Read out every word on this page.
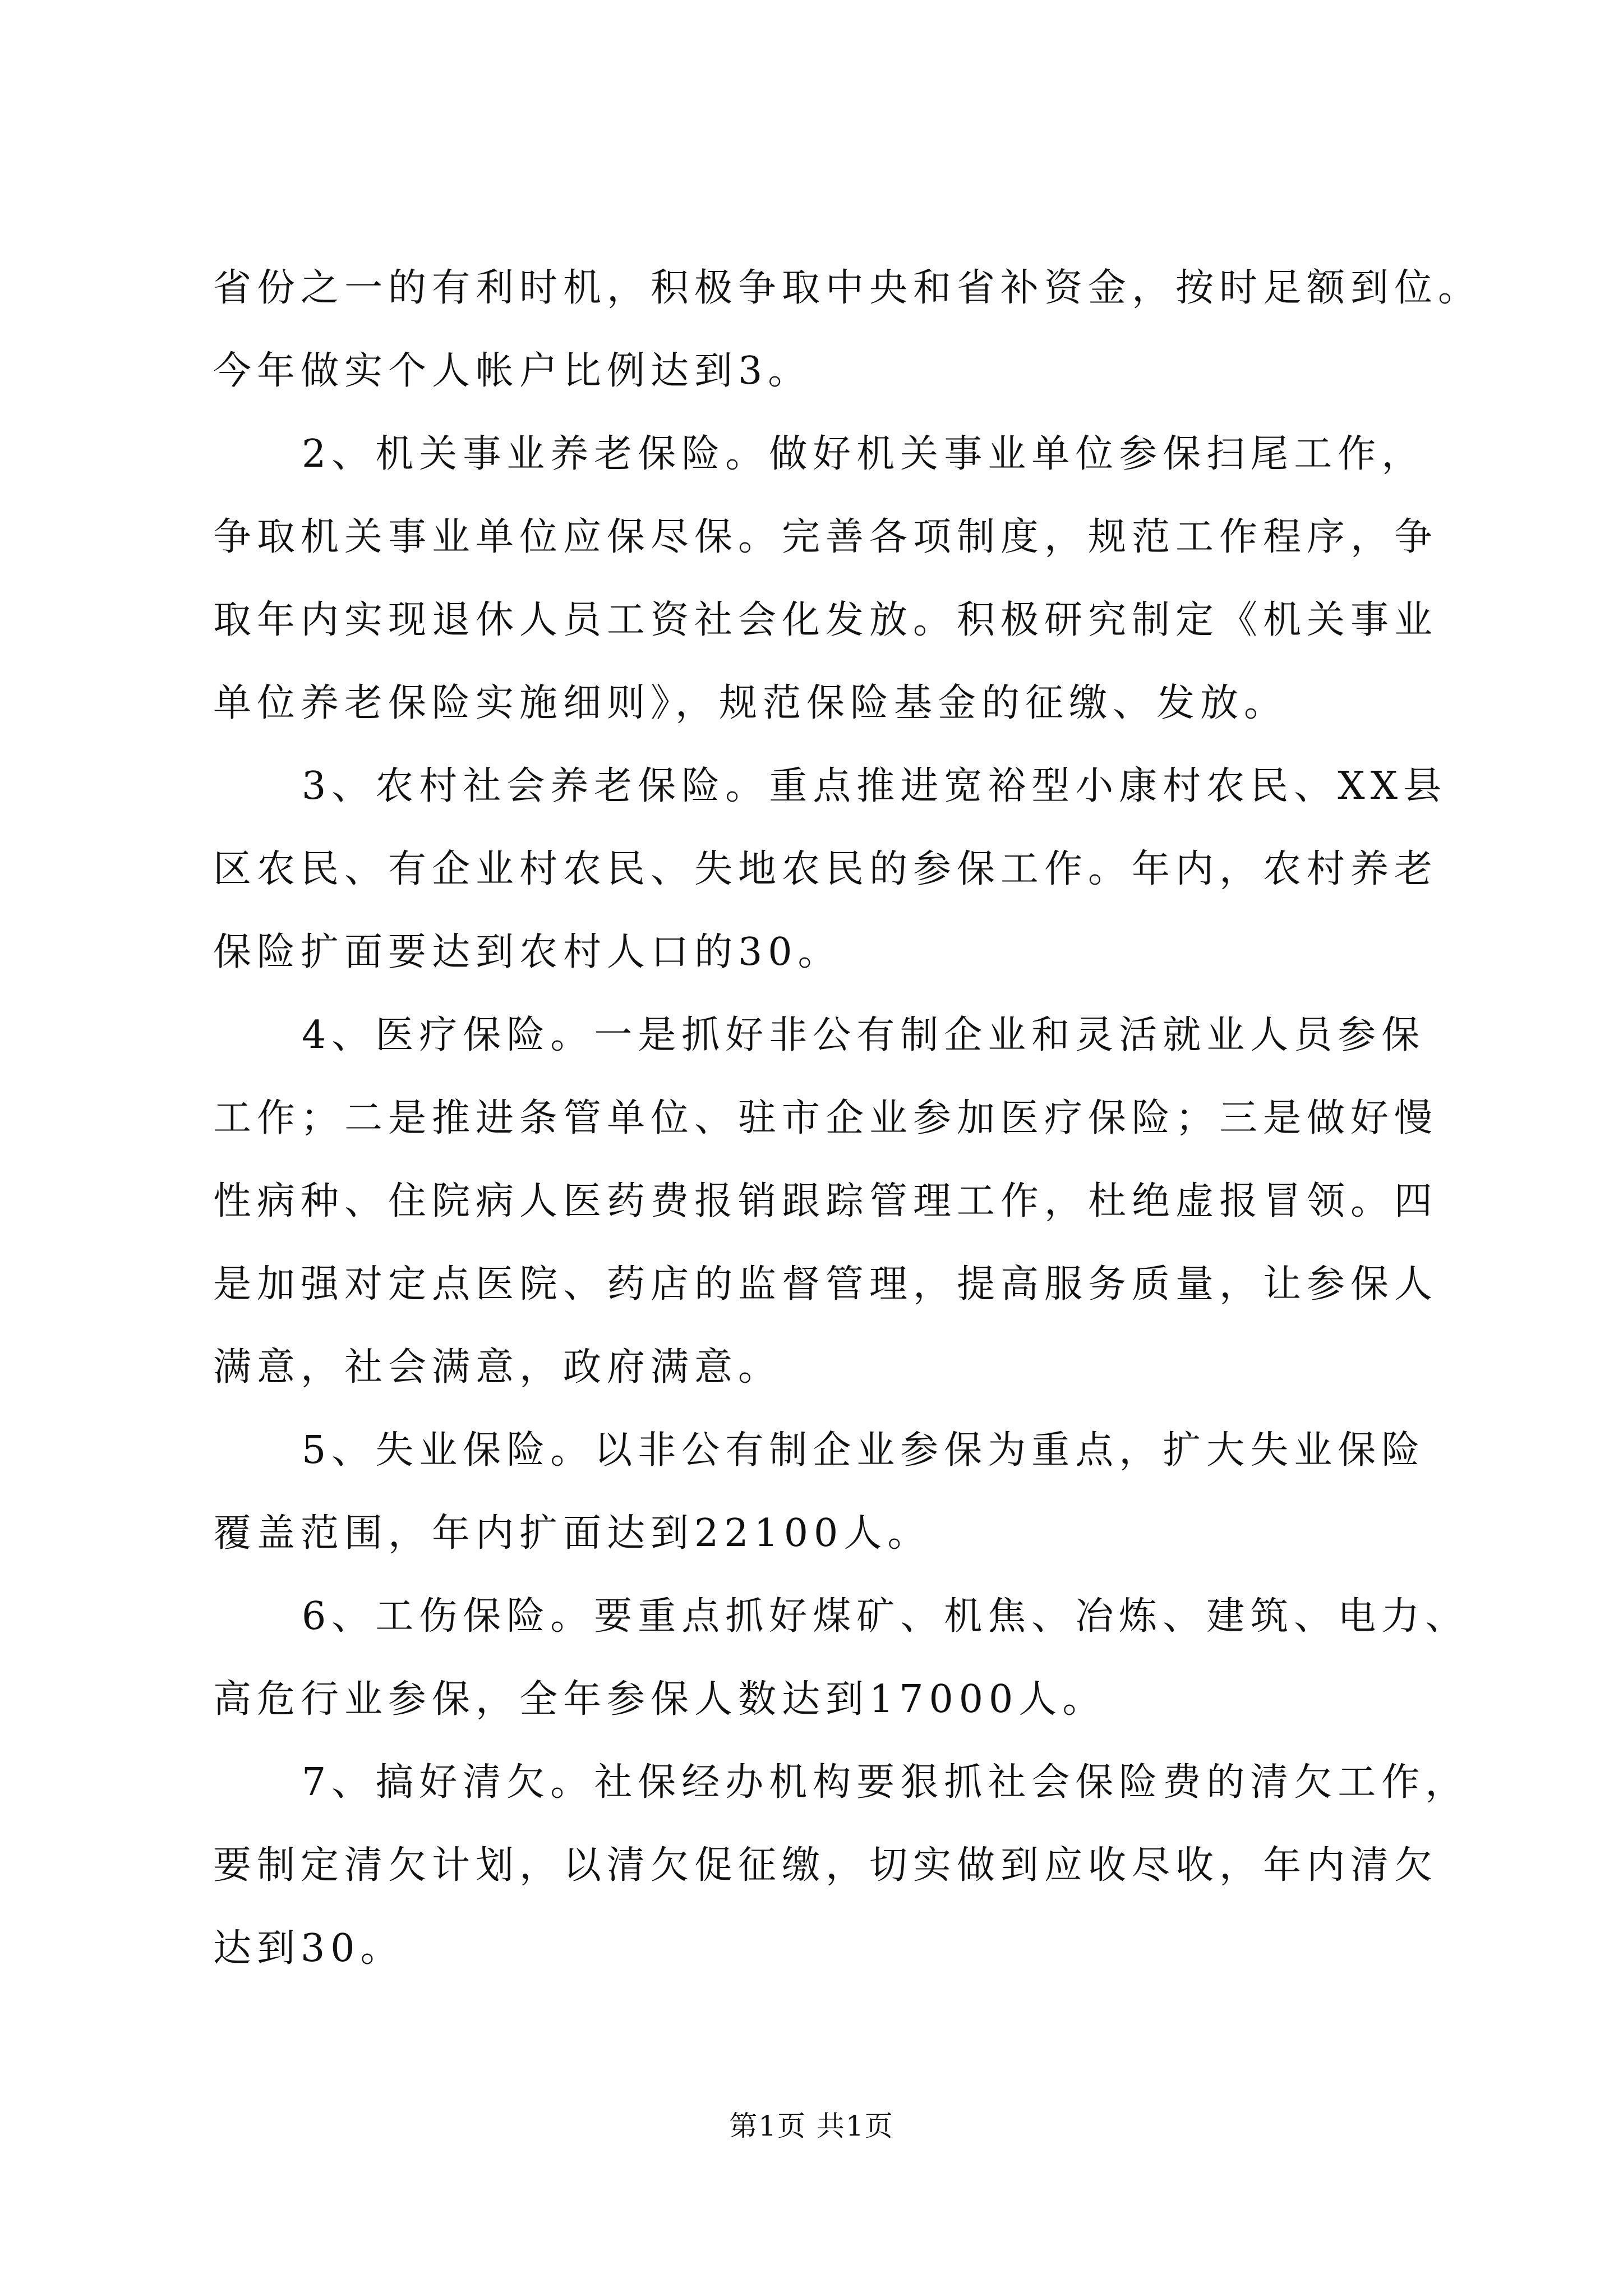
省份之一的有利时机，积极争取中央和省补资金，按时足额到位。
今年做实个人帐户比例达到3。
2、机关事业养老保险。做好机关事业单位参保扫尾工作，
争取机关事业单位应保尽保。完善各项制度，规范工作程序，争
取年内实现退休人员工资社会化发放。积极研究制定《机关事业
单位养老保险实施细则》，规范保险基金的征缴、发放。
3、农村社会养老保险。重点推进宽裕型小康村农民、XX县
区农民、有企业村农民、失地农民的参保工作。年内，农村养老
保险扩面要达到农村人口的30。
4、医疗保险。一是抓好非公有制企业和灵活就业人员参保
工作；二是推进条管单位、驻市企业参加医疗保险；三是做好慢
性病种、住院病人医药费报销跟踪管理工作，杜绝虚报冒领。四
是加强对定点医院、药店的监督管理，提高服务质量，让参保人
满意，社会满意，政府满意。
5、失业保险。以非公有制企业参保为重点，扩大失业保险
覆盖范围，年内扩面达到22100人。
6、工伤保险。要重点抓好煤矿、机焦、冶炼、建筑、电力、
高危行业参保，全年参保人数达到17000人。
7、搞好清欠。社保经办机构要狠抓社会保险费的清欠工作，
要制定清欠计划，以清欠促征缴，切实做到应收尽收，年内清欠
达到30。
第1页 共1页
